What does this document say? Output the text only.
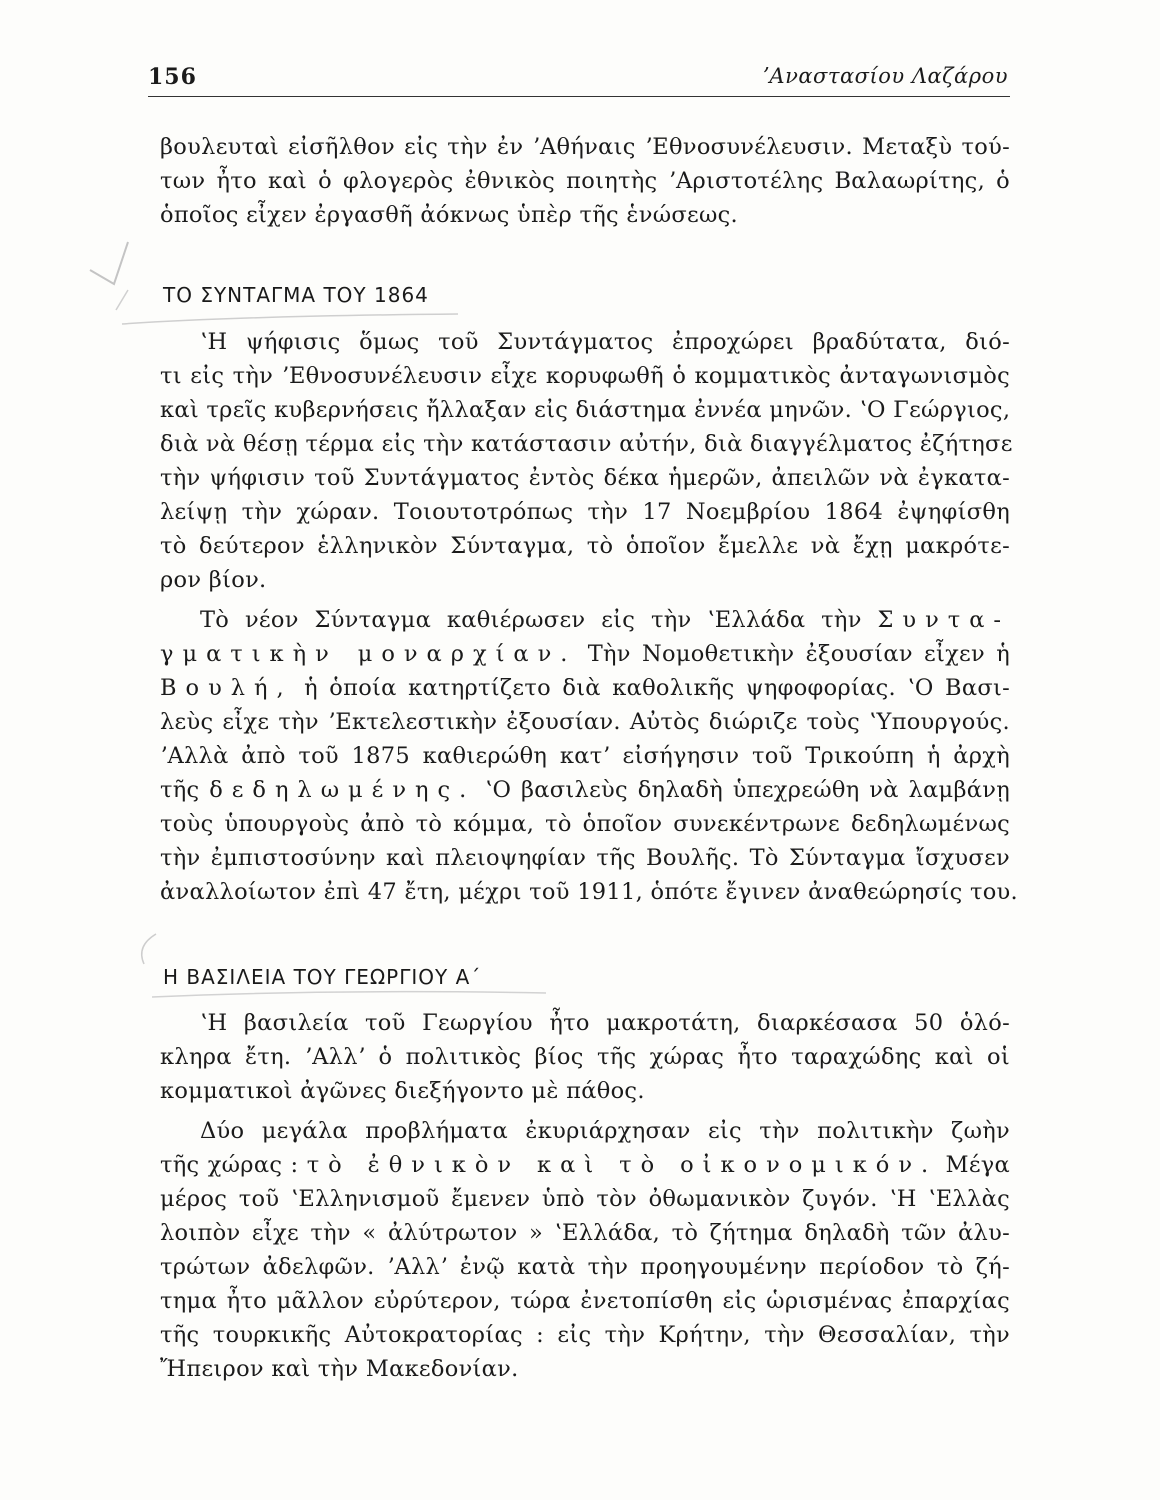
156	ʼΑναστασίου Λαζάρου
βουλευταὶ εἰσῆλθον εἰς τὴν ἐν ʼΑθήναις ʼΕθνοσυνέλευσιν. Μεταξὺ τού-
των ἦτο καὶ ὁ φλογερὸς ἐθνικὸς ποιητὴς ʼΑριστοτέλης Βαλαωρίτης, ὁ
ὁποῖος εἶχεν ἐργασθῆ ἀόκνως ὑπὲρ τῆς ἑνώσεως.
ΤΟ ΣΥΝΤΑΓΜΑ ΤΟΥ 1864
ʽΗ ψήφισις ὅμως τοῦ Συντάγματος ἐπροχώρει βραδύτατα, διό-
τι εἰς τὴν ʼΕθνοσυνέλευσιν εἶχε κορυφωθῆ ὁ κομματικὸς ἀνταγωνισμὸς
καὶ τρεῖς κυβερνήσεις ἤλλαξαν εἰς διάστημα ἐννέα μηνῶν. ʽΟ Γεώργιος,
διὰ νὰ θέσῃ τέρμα εἰς τὴν κατάστασιν αὐτήν, διὰ διαγγέλματος ἐζήτησε
τὴν ψήφισιν τοῦ Συντάγματος ἐντὸς δέκα ἡμερῶν, ἀπειλῶν νὰ ἐγκατα-
λείψῃ τὴν χώραν. Τοιουτοτρόπως τὴν 17 Νοεμβρίου 1864 ἐψηφίσθη
τὸ δεύτερον ἑλληνικὸν Σύνταγμα, τὸ ὁποῖον ἔμελλε νὰ ἔχῃ μακρότε-
ρον βίον.
Τὸ νέον Σύνταγμα καθιέρωσεν εἰς τὴν ʽΕλλάδα τὴν Συντα-
γματικὴν μοναρχίαν. Τὴν Νομοθετικὴν ἐξουσίαν εἶχεν ἡ
Βουλή, ἡ ὁποία κατηρτίζετο διὰ καθολικῆς ψηφοφορίας. ʽΟ Βασι-
λεὺς εἶχε τὴν ʼΕκτελεστικὴν ἐξουσίαν. Αὐτὸς διώριζε τοὺς ʽΥπουργούς.
ʼΑλλὰ ἀπὸ τοῦ 1875 καθιερώθη κατʼ εἰσήγησιν τοῦ Τρικούπη ἡ ἀρχὴ
τῆς δεδηλωμένης. ʽΟ βασιλεὺς δηλαδὴ ὑπεχρεώθη νὰ λαμβάνῃ
τοὺς ὑπουργοὺς ἀπὸ τὸ κόμμα, τὸ ὁποῖον συνεκέντρωνε δεδηλωμένως
τὴν ἐμπιστοσύνην καὶ πλειοψηφίαν τῆς Βουλῆς. Τὸ Σύνταγμα ἴσχυσεν
ἀναλλοίωτον ἐπὶ 47 ἔτη, μέχρι τοῦ 1911, ὁπότε ἔγινεν ἀναθεώρησίς του.
Η ΒΑΣΙΛΕΙΑ ΤΟΥ ΓΕΩΡΓΙΟΥ Α΄
ʽΗ βασιλεία τοῦ Γεωργίου ἦτο μακροτάτη, διαρκέσασα 50 ὁλό-
κληρα ἔτη. ʼΑλλʼ ὁ πολιτικὸς βίος τῆς χώρας ἦτο ταραχώδης καὶ οἱ
κομματικοὶ ἀγῶνες διεξήγοντο μὲ πάθος.
Δύο μεγάλα προβλήματα ἐκυριάρχησαν εἰς τὴν πολιτικὴν ζωὴν
τῆς χώρας : τὸ ἐθνικὸν καὶ τὸ οἰκονομικόν. Μέγα
μέρος τοῦ ʽΕλληνισμοῦ ἔμενεν ὑπὸ τὸν ὀθωμανικὸν ζυγόν. ʽΗ ʽΕλλὰς
λοιπὸν εἶχε τὴν « ἀλύτρωτον » ʽΕλλάδα, τὸ ζήτημα δηλαδὴ τῶν ἀλυ-
τρώτων ἀδελφῶν. ʼΑλλʼ ἐνῷ κατὰ τὴν προηγουμένην περίοδον τὸ ζή-
τημα ἦτο μᾶλλον εὐρύτερον, τώρα ἐνετοπίσθη εἰς ὡρισμένας ἐπαρχίας
τῆς τουρκικῆς Αὐτοκρατορίας : εἰς τὴν Κρήτην, τὴν Θεσσαλίαν, τὴν
Ἤπειρον καὶ τὴν Μακεδονίαν.
